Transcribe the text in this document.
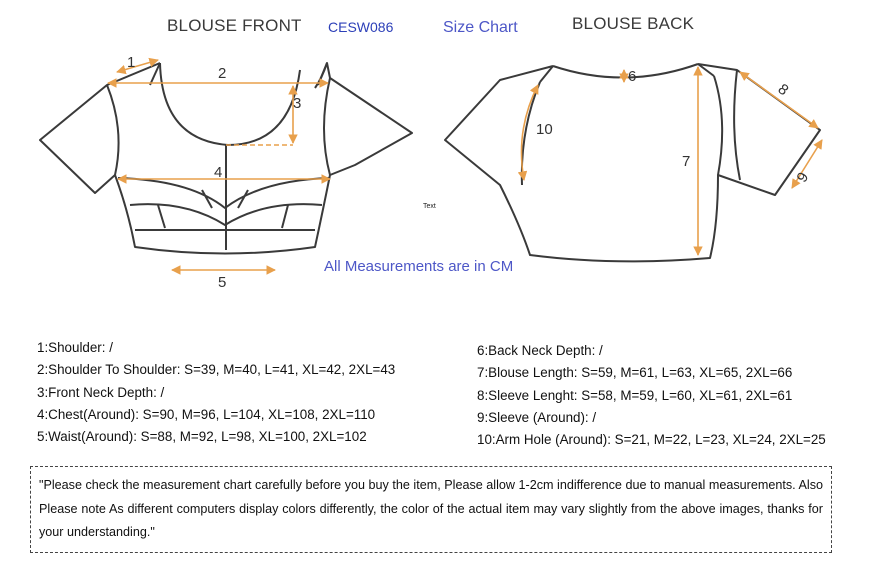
BLOUSE FRONT CESW086	Size Chart	BLOUSE BACK
1
2
3
4
5
Text
All Measurements are in CM
6
7
8
9
10
1:Shoulder: /
2:Shoulder To Shoulder: S=39, M=40, L=41, XL=42, 2XL=43
3:Front Neck Depth: /
4:Chest(Around): S=90, M=96, L=104, XL=108, 2XL=110
5:Waist(Around): S=88, M=92, L=98, XL=100, 2XL=102
6:Back Neck Depth: /
7:Blouse Length: S=59, M=61, L=63, XL=65, 2XL=66
8:Sleeve Lenght: S=58, M=59, L=60, XL=61, 2XL=61
9:Sleeve (Around): /
10:Arm Hole (Around): S=21, M=22, L=23, XL=24, 2XL=25
"Please check the measurement chart carefully before you buy the item, Please allow 1-2cm indifference due to manual measurements. Also Please note As different computers display colors differently, the color of the actual item may vary slightly from the above images, thanks for your understanding."
